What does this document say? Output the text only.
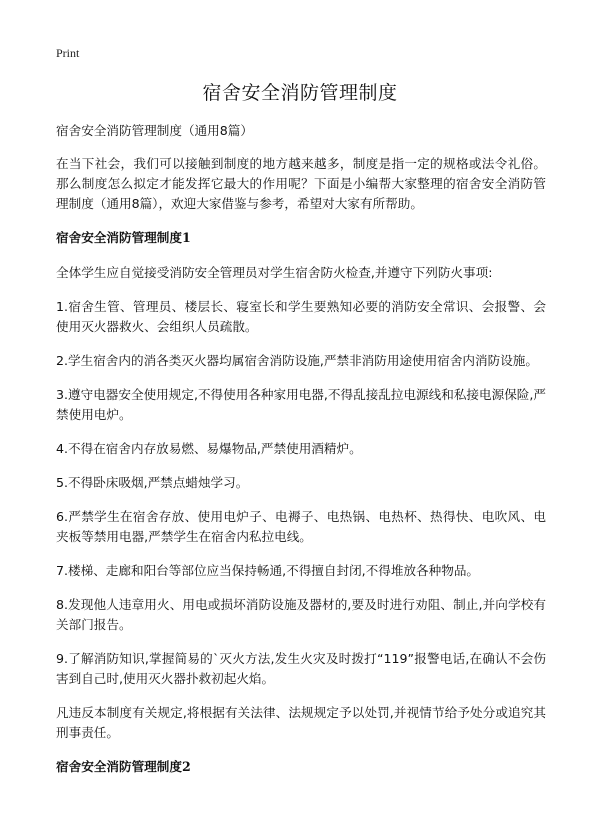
Print
宿舍安全消防管理制度

宿舍安全消防管理制度（通用8篇）

在当下社会，我们可以接触到制度的地方越来越多，制度是指一定的规格或法令礼俗。那么制度怎么拟定才能发挥它最大的作用呢？下面是小编帮大家整理的宿舍安全消防管理制度（通用8篇），欢迎大家借鉴与参考，希望对大家有所帮助。

宿舍安全消防管理制度1

全体学生应自觉接受消防安全管理员对学生宿舍防火检查,并遵守下列防火事项:

1.宿舍生管、管理员、楼层长、寝室长和学生要熟知必要的消防安全常识、会报警、会使用灭火器救火、会组织人员疏散。

2.学生宿舍内的消各类灭火器均属宿舍消防设施,严禁非消防用途使用宿舍内消防设施。

3.遵守电器安全使用规定,不得使用各种家用电器,不得乱接乱拉电源线和私接电源保险,严禁使用电炉。

4.不得在宿舍内存放易燃、易爆物品,严禁使用酒精炉。

5.不得卧床吸烟,严禁点蜡烛学习。

6.严禁学生在宿舍存放、使用电炉子、电褥子、电热锅、电热杯、热得快、电吹风、电夹板等禁用电器,严禁学生在宿舍内私拉电线。

7.楼梯、走廊和阳台等部位应当保持畅通,不得擅自封闭,不得堆放各种物品。

8.发现他人违章用火、用电或损坏消防设施及器材的,要及时进行劝阻、制止,并向学校有关部门报告。

9.了解消防知识,掌握简易的`灭火方法,发生火灾及时拨打“119”报警电话,在确认不会伤害到自己时,使用灭火器扑救初起火焰。

凡违反本制度有关规定,将根据有关法律、法规规定予以处罚,并视情节给予处分或追究其刑事责任。

宿舍安全消防管理制度2
